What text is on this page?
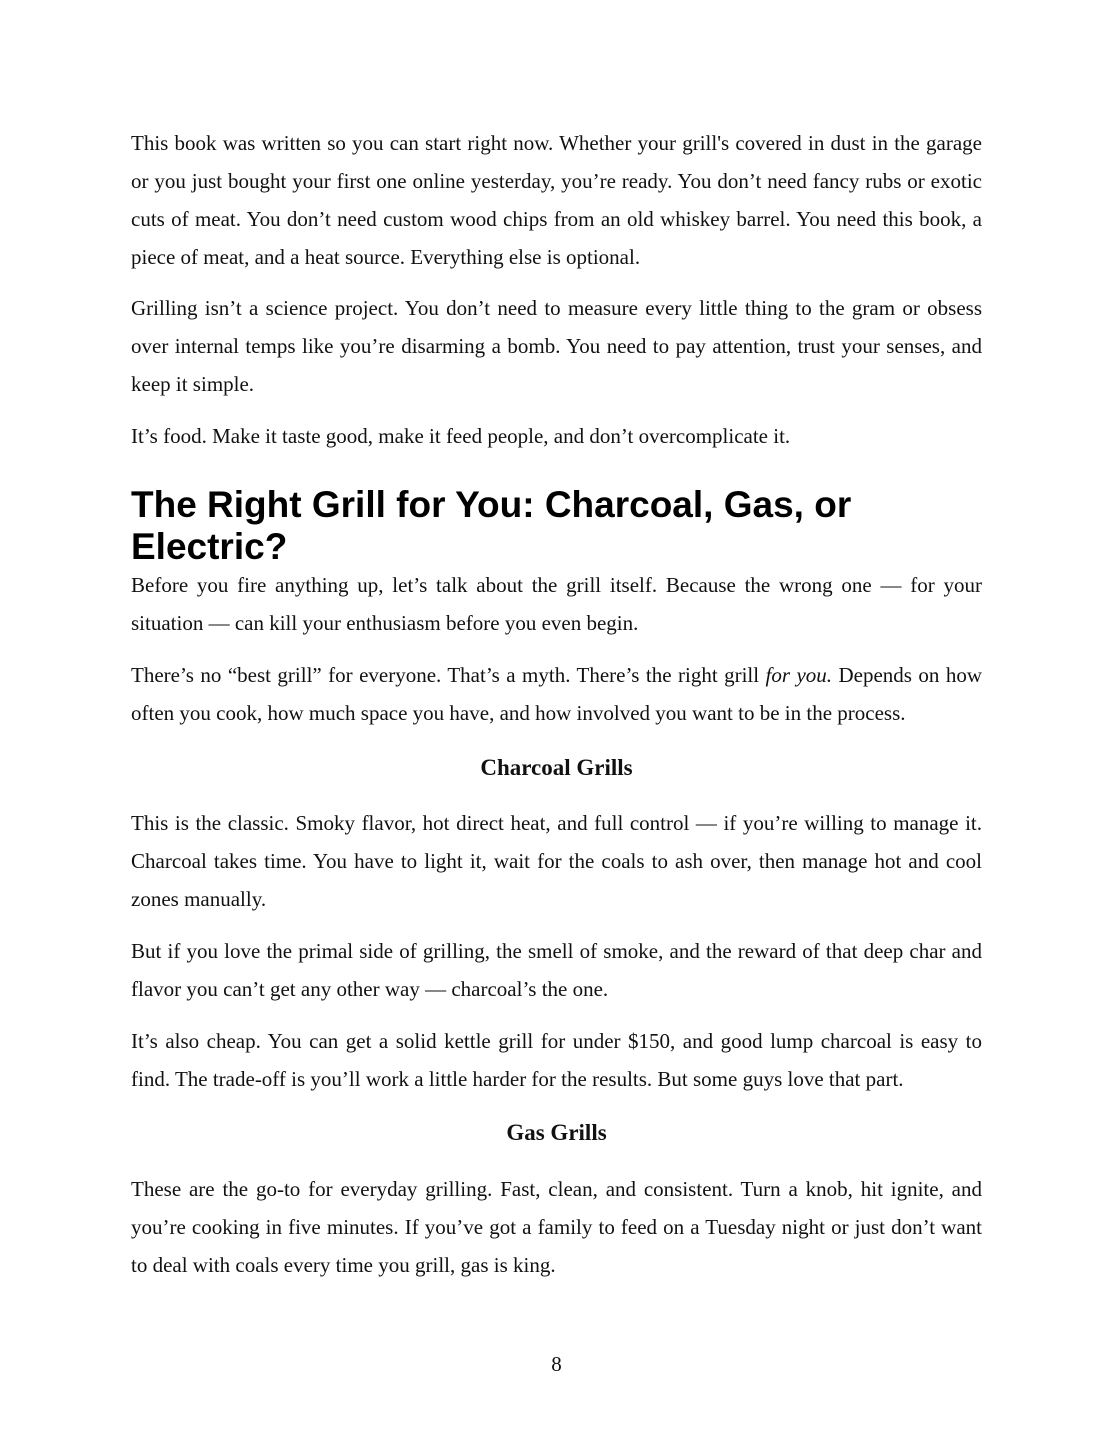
This book was written so you can start right now. Whether your grill's covered in dust in the garage or you just bought your first one online yesterday, you’re ready. You don’t need fancy rubs or exotic cuts of meat. You don’t need custom wood chips from an old whiskey barrel. You need this book, a piece of meat, and a heat source. Everything else is optional.

Grilling isn’t a science project. You don’t need to measure every little thing to the gram or obsess over internal temps like you’re disarming a bomb. You need to pay attention, trust your senses, and keep it simple.

It’s food. Make it taste good, make it feed people, and don’t overcomplicate it.

The Right Grill for You: Charcoal, Gas, or Electric?

Before you fire anything up, let’s talk about the grill itself. Because the wrong one — for your situation — can kill your enthusiasm before you even begin.

There’s no “best grill” for everyone. That’s a myth. There’s the right grill for you. Depends on how often you cook, how much space you have, and how involved you want to be in the process.

Charcoal Grills

This is the classic. Smoky flavor, hot direct heat, and full control — if you’re willing to manage it. Charcoal takes time. You have to light it, wait for the coals to ash over, then manage hot and cool zones manually.

But if you love the primal side of grilling, the smell of smoke, and the reward of that deep char and flavor you can’t get any other way — charcoal’s the one.

It’s also cheap. You can get a solid kettle grill for under $150, and good lump charcoal is easy to find. The trade-off is you’ll work a little harder for the results. But some guys love that part.

Gas Grills

These are the go-to for everyday grilling. Fast, clean, and consistent. Turn a knob, hit ignite, and you’re cooking in five minutes. If you’ve got a family to feed on a Tuesday night or just don’t want to deal with coals every time you grill, gas is king.

8
